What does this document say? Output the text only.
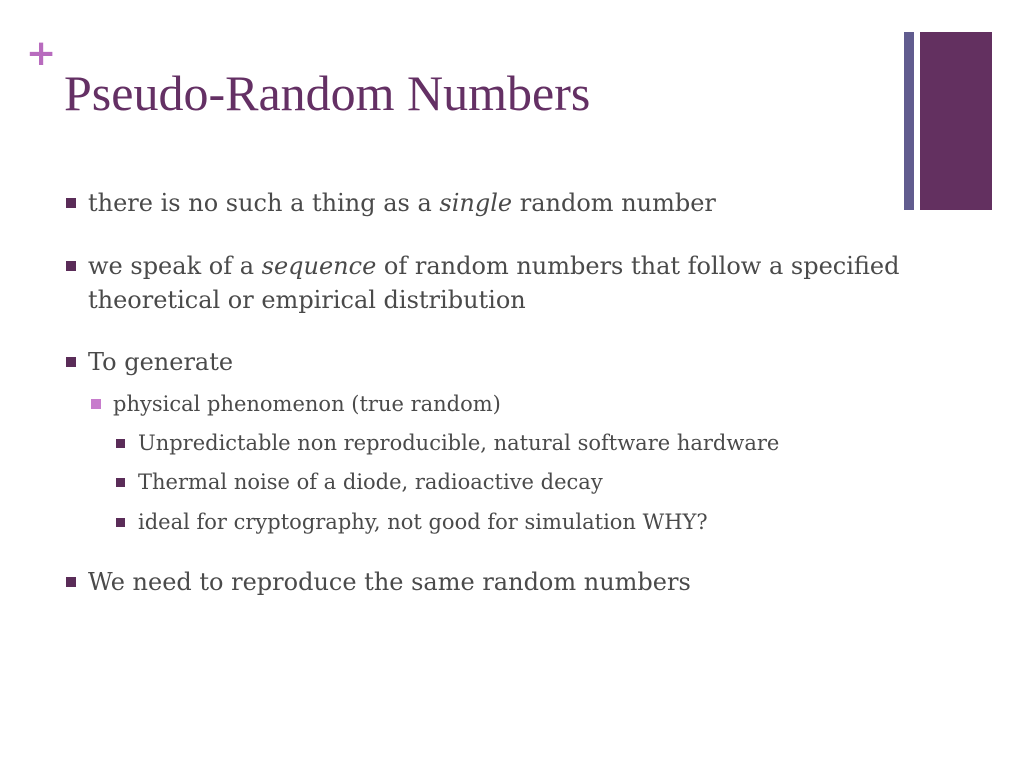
+
Pseudo-Random Numbers
there is no such a thing as a single random number
we speak of a sequence of random numbers that follow a specified
theoretical or empirical distribution
To generate
physical phenomenon (true random)
Unpredictable non reproducible, natural software hardware
Thermal noise of a diode, radioactive decay
ideal for cryptography, not good for simulation WHY?
We need to reproduce the same random numbers
